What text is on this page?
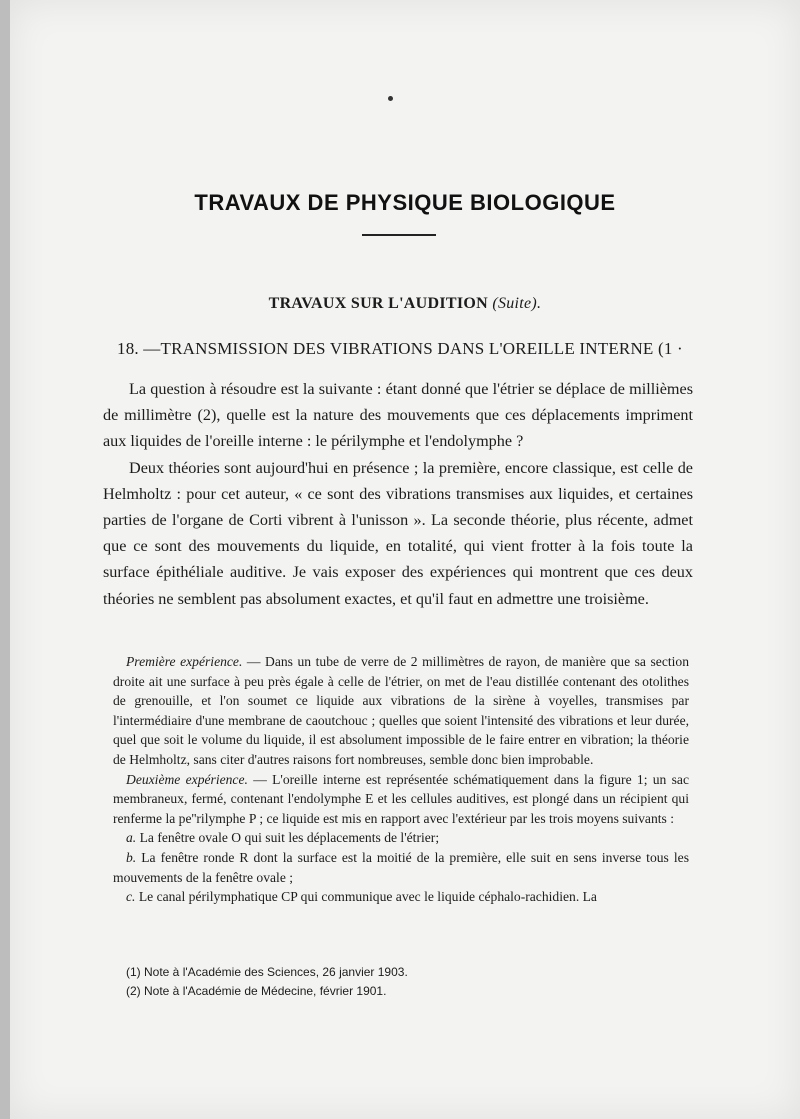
TRAVAUX DE PHYSIQUE BIOLOGIQUE
TRAVAUX SUR L'AUDITION (Suite).
18. —TRANSMISSION DES VIBRATIONS DANS L'OREILLE INTERNE (1 ·

La question à résoudre est la suivante : étant donné que l'étrier se déplace de millièmes de millimètre (2), quelle est la nature des mouvements que ces déplacements impriment aux liquides de l'oreille interne : le périlymphe et l'endolymphe ?

Deux théories sont aujourd'hui en présence ; la première, encore classique, est celle de Helmholtz : pour cet auteur, « ce sont des vibrations transmises aux liquides, et certaines parties de l'organe de Corti vibrent à l'unisson ». La seconde théorie, plus récente, admet que ce sont des mouvements du liquide, en totalité, qui vient frotter à la fois toute la surface épithéliale auditive. Je vais exposer des expériences qui montrent que ces deux théories ne semblent pas absolument exactes, et qu'il faut en admettre une troisième.

Première expérience. — Dans un tube de verre de 2 millimètres de rayon, de manière que sa section droite ait une surface à peu près égale à celle de l'étrier, on met de l'eau distillée contenant des otolithes de grenouille, et l'on soumet ce liquide aux vibrations de la sirène à voyelles, transmises par l'intermédiaire d'une membrane de caoutchouc ; quelles que soient l'intensité des vibrations et leur durée, quel que soit le volume du liquide, il est absolument impossible de le faire entrer en vibration; la théorie de Helmholtz, sans citer d'autres raisons fort nombreuses, semble donc bien improbable.

Deuxième expérience. — L'oreille interne est représentée schématiquement dans la figure 1; un sac membraneux, fermé, contenant l'endolymphe E et les cellules auditives, est plongé dans un récipient qui renferme la pe''rilymphe P ; ce liquide est mis en rapport avec l'extérieur par les trois moyens suivants :

a. La fenêtre ovale O qui suit les déplacements de l'étrier;

b. La fenêtre ronde R dont la surface est la moitié de la première, elle suit en sens inverse tous les mouvements de la fenêtre ovale ;

c. Le canal périlymphatique CP qui communique avec le liquide céphalo-rachidien. La

(1) Note à l'Académie des Sciences, 26 janvier 1903.
(2) Note à l'Académie de Médecine, février 1901.
